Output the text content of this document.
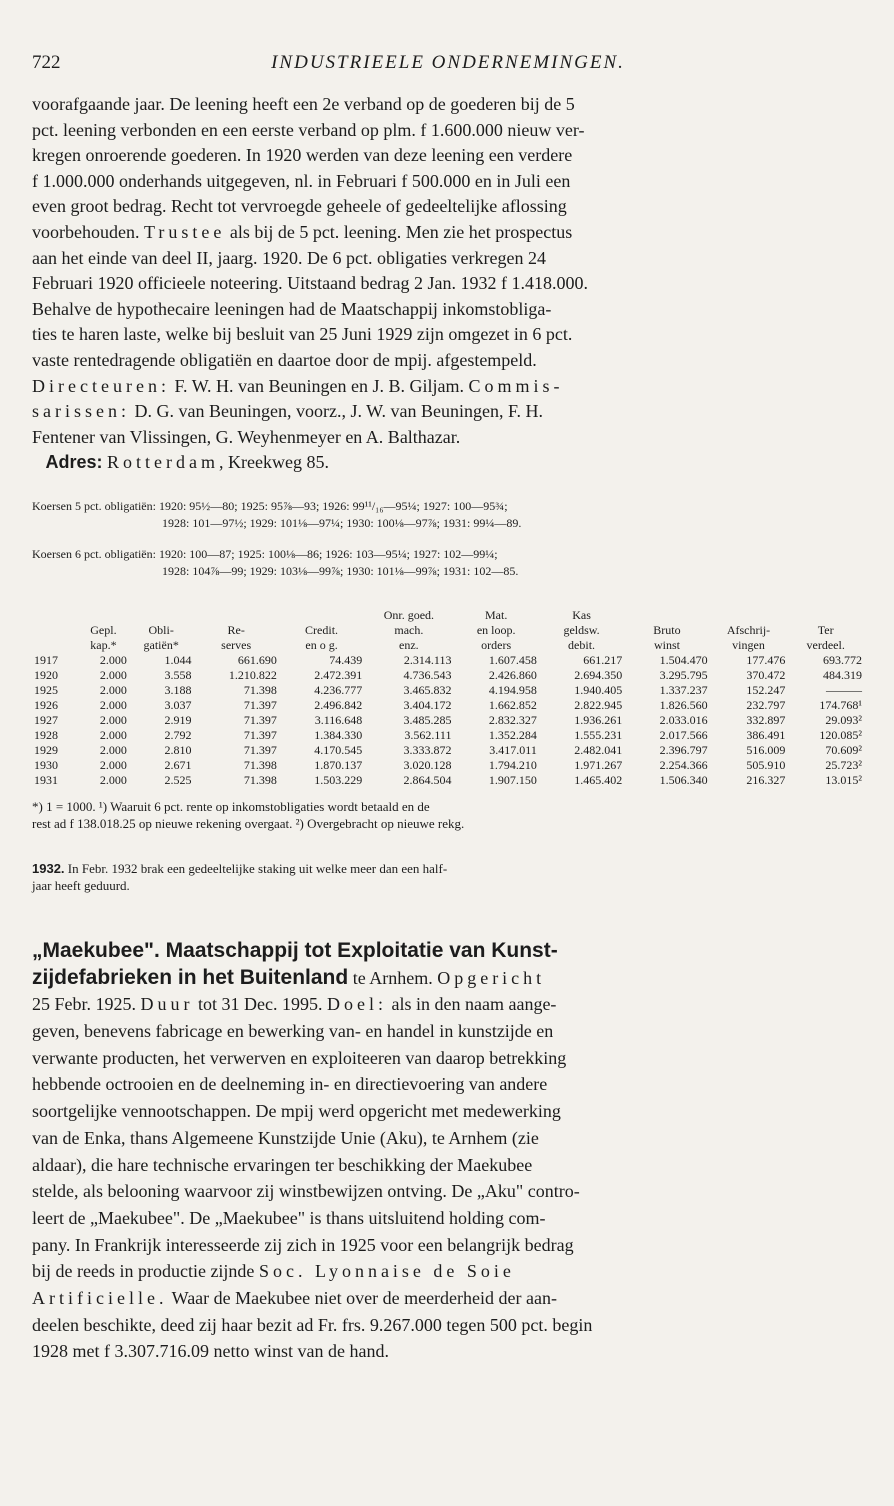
722	INDUSTRIEELE ONDERNEMINGEN.

voorafgaande jaar. De leening heeft een 2e verband op de goederen bij de 5
pct. leening verbonden en een eerste verband op plm. f 1.600.000 nieuw ver-
kregen onroerende goederen. In 1920 werden van deze leening een verdere
f 1.000.000 onderhands uitgegeven, nl. in Februari f 500.000 en in Juli een
even groot bedrag. Recht tot vervroegde geheele of gedeeltelijke aflossing
voorbehouden. Trustee als bij de 5 pct. leening. Men zie het prospectus
aan het einde van deel II, jaarg. 1920. De 6 pct. obligaties verkregen 24
Februari 1920 officieele noteering. Uitstaand bedrag 2 Jan. 1932 f 1.418.000.
Behalve de hypothecaire leeningen had de Maatschappij inkomstobliga-
ties te haren laste, welke bij besluit van 25 Juni 1929 zijn omgezet in 6 pct.
vaste rentedragende obligatiën en daartoe door de mpij. afgestempeld.
Directeuren: F. W. H. van Beuningen en J. B. Giljam. Commis-
sarissen: D. G. van Beuningen, voorz., J. W. van Beuningen, F. H.
Fentener van Vlissingen, G. Weyhenmeyer en A. Balthazar.
Adres: Rotterdam, Kreekweg 85.

Koersen 5 pct. obligatiën: 1920: 95½—80; 1925: 95⅞—93; 1926: 99¹¹/₁₆—95¼; 1927: 100—95¾;
1928: 101—97½; 1929: 101⅛—97¼; 1930: 100⅛—97⅞; 1931: 99¼—89.
Koersen 6 pct. obligatiën: 1920: 100—87; 1925: 100⅛—86; 1926: 103—95¼; 1927: 102—99¼;
1928: 104⅞—99; 1929: 103⅛—99⅞; 1930: 101⅛—99⅞; 1931: 102—85.
					Onr. goed.	Mat.	Kas			
	Gepl.	Obli-	Re-	Credit.	mach.	en loop.	geldsw.	Bruto	Afschrij-	Ter
	kap.*	gatiën*	serves	en o g.	enz.	orders	debit.	winst	vingen	verdeel.
1917	2.000	1.044	661.690	74.439	2.314.113	1.607.458	661.217	1.504.470	177.476	693.772
1920	2.000	3.558	1.210.822	2.472.391	4.736.543	2.426.860	2.694.350	3.295.795	370.472	484.319
1925	2.000	3.188	71.398	4.236.777	3.465.832	4.194.958	1.940.405	1.337.237	152.247	———
1926	2.000	3.037	71.397	2.496.842	3.404.172	1.662.852	2.822.945	1.826.560	232.797	174.768¹
1927	2.000	2.919	71.397	3.116.648	3.485.285	2.832.327	1.936.261	2.033.016	332.897	29.093²
1928	2.000	2.792	71.397	1.384.330	3.562.111	1.352.284	1.555.231	2.017.566	386.491	120.085²
1929	2.000	2.810	71.397	4.170.545	3.333.872	3.417.011	2.482.041	2.396.797	516.009	70.609²
1930	2.000	2.671	71.398	1.870.137	3.020.128	1.794.210	1.971.267	2.254.366	505.910	25.723²
1931	2.000	2.525	71.398	1.503.229	2.864.504	1.907.150	1.465.402	1.506.340	216.327	13.015²
*) 1 = 1000. ¹) Waaruit 6 pct. rente op inkomstobligaties wordt betaald en de
rest ad f 138.018.25 op nieuwe rekening overgaat. ²) Overgebracht op nieuwe rekg.
1932. In Febr. 1932 brak een gedeeltelijke staking uit welke meer dan een half-
jaar heeft geduurd.

„Maekubee". Maatschappij tot Exploitatie van Kunst-
zijdefabrieken in het Buitenland te Arnhem. Opgericht
25 Febr. 1925. Duur tot 31 Dec. 1995. Doel: als in den naam aange-
geven, benevens fabricage en bewerking van- en handel in kunstzijde en
verwante producten, het verwerven en exploiteeren van daarop betrekking
hebbende octrooien en de deelneming in- en directievoering van andere
soortgelijke vennootschappen. De mpij werd opgericht met medewerking
van de Enka, thans Algemeene Kunstzijde Unie (Aku), te Arnhem (zie
aldaar), die hare technische ervaringen ter beschikking der Maekubee
stelde, als belooning waarvoor zij winstbewijzen ontving. De „Aku" contro-
leert de „Maekubee". De „Maekubee" is thans uitsluitend holding com-
pany. In Frankrijk interesseerde zij zich in 1925 voor een belangrijk bedrag
bij de reeds in productie zijnde Soc. Lyonnaise de Soie
Artificielle. Waar de Maekubee niet over de meerderheid der aan-
deelen beschikte, deed zij haar bezit ad Fr. frs. 9.267.000 tegen 500 pct. begin
1928 met f 3.307.716.09 netto winst van de hand.
